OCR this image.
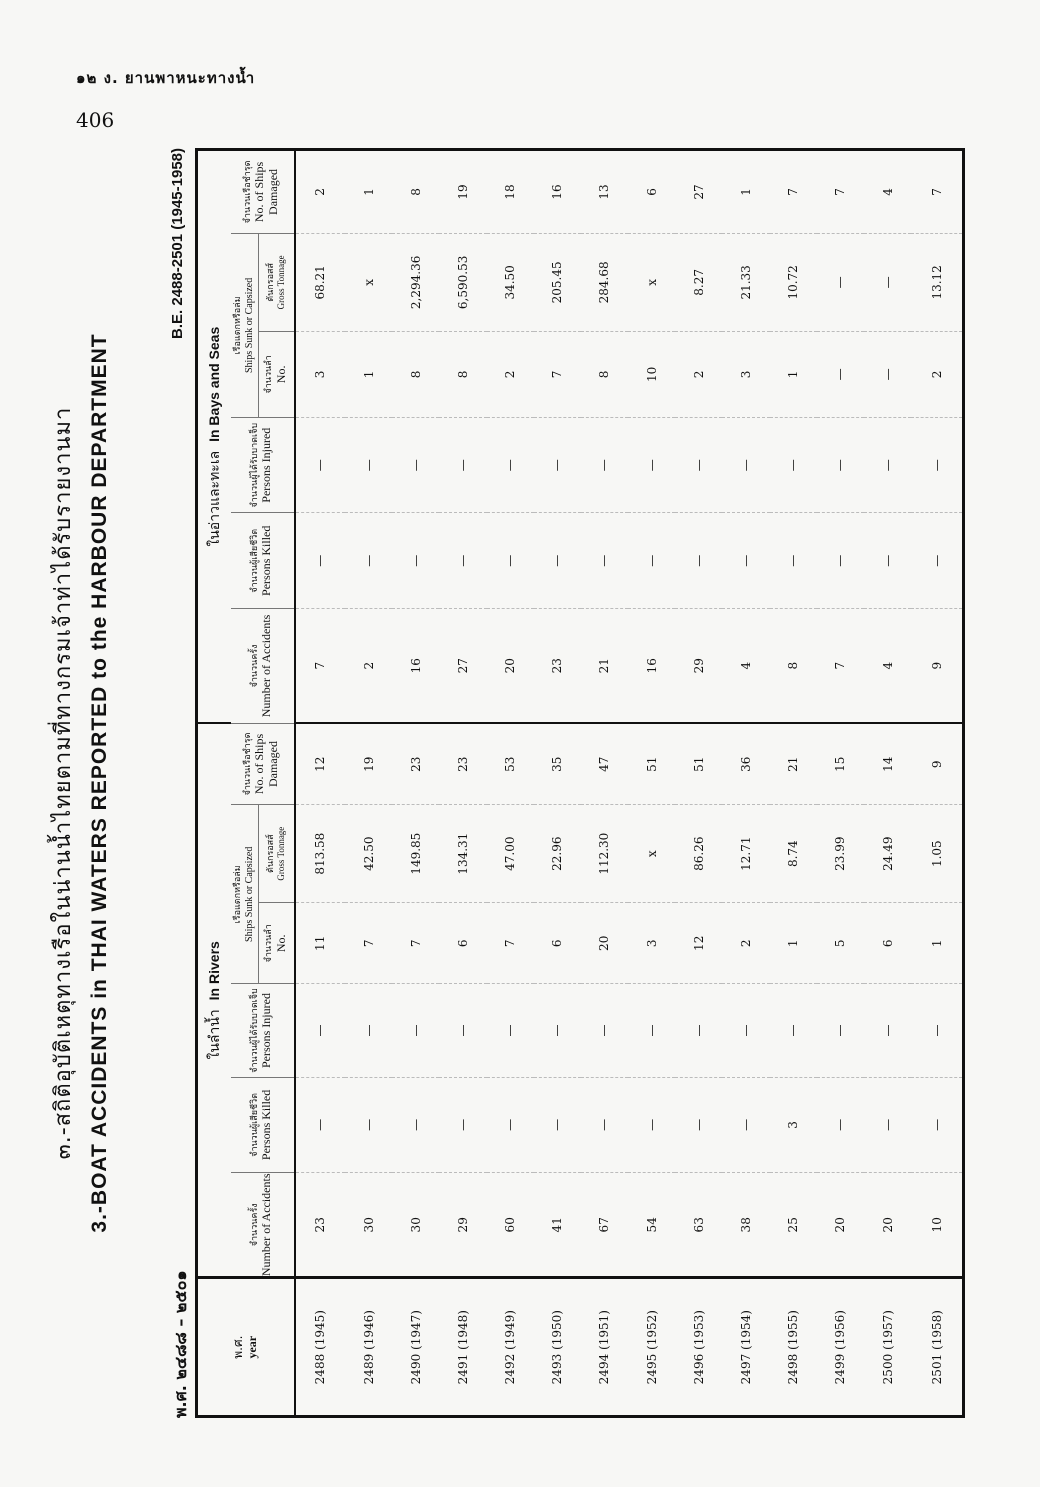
๑๒ ง. ยานพาหนะทางน้ำ
406
๓.-สถิติอุบัติเหตุทางเรือในน่านน้ำไทยตามที่ทางกรมเจ้าท่าได้รับรายงานมา 3.-BOAT ACCIDENTS in THAI WATERS REPORTED to the HARBOUR DEPARTMENT
พ.ศ. ๒๔๘๘ – ๒๕๐๑
B.E. 2488-2501 (1945-1958)
พ.ศ. year	ในลำน้ำ  In Rivers						ในอ่าวและทะเล  In Bays and Seas					

	จำนวนครั้ง Number of Accidents	จำนวนผู้เสียชีวิต Persons Killed	จำนวนผู้ได้รับบาดเจ็บ Persons Injured	เรือแตกหรือล่ม Ships Sunk or Capsized		จำนวนเรือชำรุด No. of Ships Damaged	จำนวนครั้ง Number of Accidents	จำนวนผู้เสียชีวิต Persons Killed	จำนวนผู้ได้รับบาดเจ็บ Persons Injured	เรือแตกหรือล่ม Ships Sunk or Capsized		จำนวนเรือชำรุด No. of Ships Damaged

				จำนวนลำ No.	ตันกรอสส์ Gross Tonnage					จำนวนลำ No.	ตันกรอสส์ Gross Tonnage	

2488 (1945)	23	—	—	11	813.58	12	7	—	—	3	68.21	2
2489 (1946)	30	—	—	7	42.50	19	2	—	—	1	x	1
2490 (1947)	30	—	—	7	149.85	23	16	—	—	8	2,294.36	8
2491 (1948)	29	—	—	6	134.31	23	27	—	—	8	6,590.53	19
2492 (1949)	60	—	—	7	47.00	53	20	—	—	2	34.50	18
2493 (1950)	41	—	—	6	22.96	35	23	—	—	7	205.45	16
2494 (1951)	67	—	—	20	112.30	47	21	—	—	8	284.68	13
2495 (1952)	54	—	—	3	x	51	16	—	—	10	x	6
2496 (1953)	63	—	—	12	86.26	51	29	—	—	2	8.27	27
2497 (1954)	38	—	—	2	12.71	36	4	—	—	3	21.33	1
2498 (1955)	25	3	—	1	8.74	21	8	—	—	1	10.72	7
2499 (1956)	20	—	—	5	23.99	15	7	—	—	—	—	7
2500 (1957)	20	—	—	6	24.49	14	4	—	—	—	—	4
2501 (1958)	10	—	—	1	1.05	9	9	—	—	2	13.12	7
